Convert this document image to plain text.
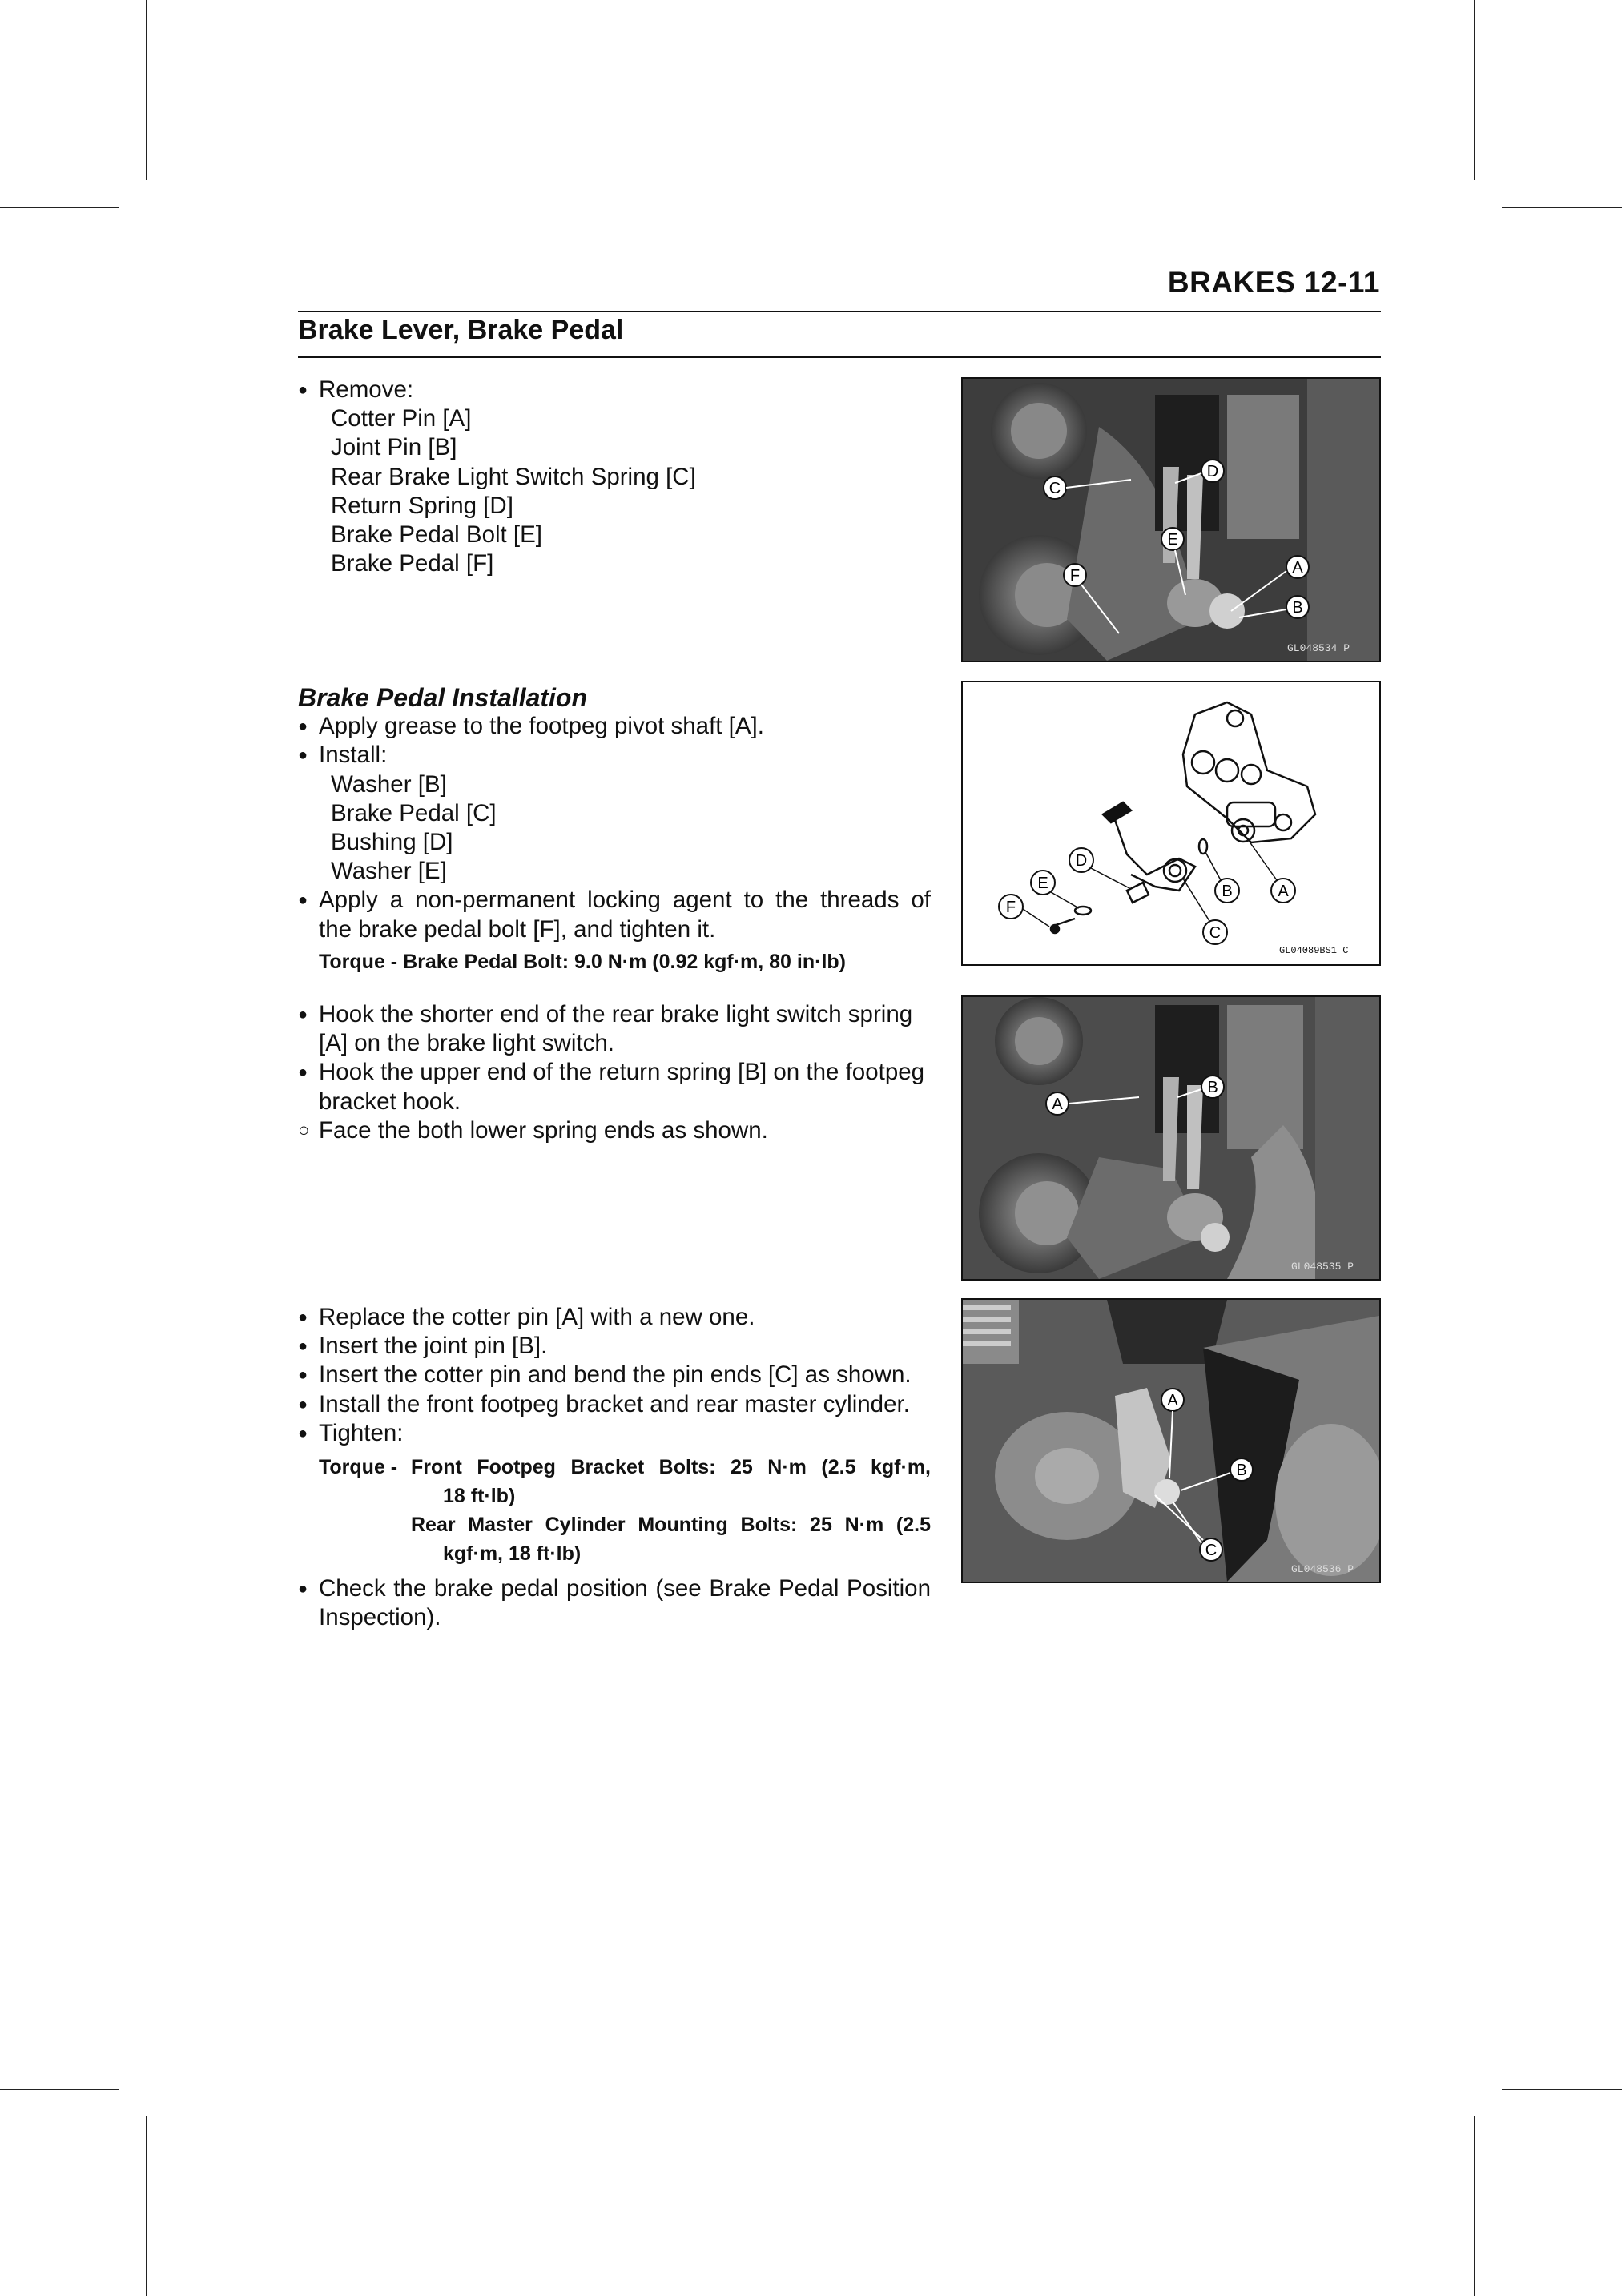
BRAKES 12-11
Brake Lever, Brake Pedal
● Remove:
Cotter Pin [A]
Joint Pin [B]
Rear Brake Light Switch Spring [C]
Return Spring [D]
Brake Pedal Bolt [E]
Brake Pedal [F]
Brake Pedal Installation
● Apply grease to the footpeg pivot shaft [A].
● Install:
Washer [B]
Brake Pedal [C]
Bushing [D]
Washer [E]
● Apply a non-permanent locking agent to the threads of
the brake pedal bolt [F], and tighten it.
Torque - Brake Pedal Bolt: 9.0 N·m (0.92 kgf·m, 80 in·lb)
● Hook the shorter end of the rear brake light switch spring
[A] on the brake light switch.
● Hook the upper end of the return spring [B] on the footpeg
bracket hook.
○ Face the both lower spring ends as shown.
● Replace the cotter pin [A] with a new one.
● Insert the joint pin [B].
● Insert the cotter pin and bend the pin ends [C] as shown.
● Install the front footpeg bracket and rear master cylinder.
● Tighten:
Torque - Front Footpeg Bracket Bolts: 25 N·m (2.5 kgf·m,
18 ft·lb)
Rear Master Cylinder Mounting Bolts: 25 N·m (2.5
kgf·m, 18 ft·lb)
● Check the brake pedal position (see Brake Pedal Position
Inspection).
C
D
E
F	A
B
GL048534 P
F
E
D
C
B	A
GL04089BS1 C
A
B
GL048535 P
A
B
C
GL048536 P
